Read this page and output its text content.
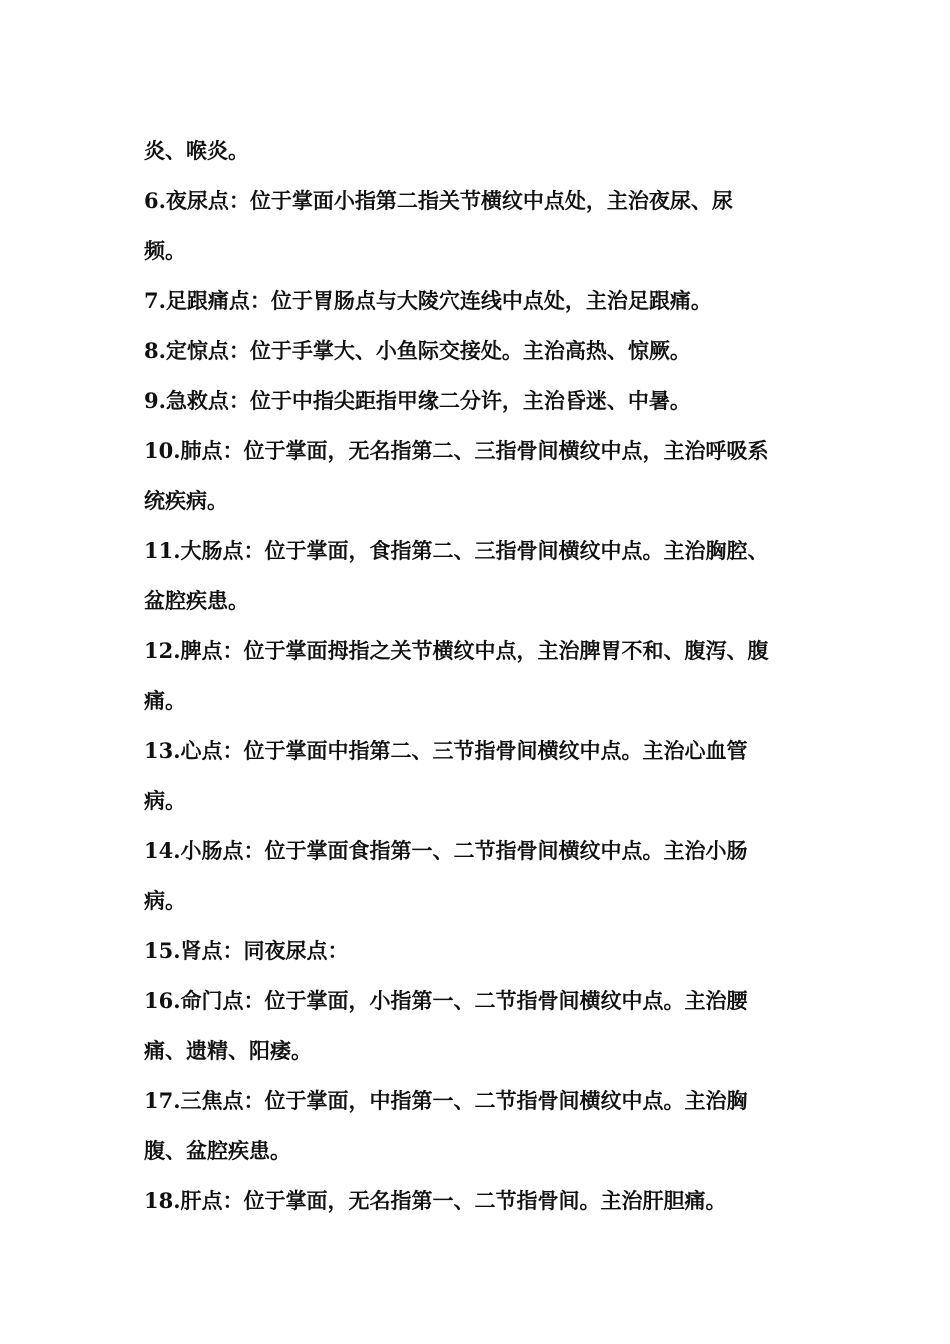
炎、喉炎。
6.夜尿点：位于掌面小指第二指关节横纹中点处，主治夜尿、尿
频。
7.足跟痛点：位于胃肠点与大陵穴连线中点处，主治足跟痛。
8.定惊点：位于手掌大、小鱼际交接处。主治高热、惊厥。
9.急救点：位于中指尖距指甲缘二分许，主治昏迷、中暑。
10.肺点：位于掌面，无名指第二、三指骨间横纹中点，主治呼吸系
统疾病。
11.大肠点：位于掌面，食指第二、三指骨间横纹中点。主治胸腔、
盆腔疾患。
12.脾点：位于掌面拇指之关节横纹中点，主治脾胃不和、腹泻、腹
痛。
13.心点：位于掌面中指第二、三节指骨间横纹中点。主治心血管
病。
14.小肠点：位于掌面食指第一、二节指骨间横纹中点。主治小肠
病。
15.肾点：同夜尿点：
16.命门点：位于掌面，小指第一、二节指骨间横纹中点。主治腰
痛、遗精、阳痿。
17.三焦点：位于掌面，中指第一、二节指骨间横纹中点。主治胸
腹、盆腔疾患。
18.肝点：位于掌面，无名指第一、二节指骨间。主治肝胆痛。
